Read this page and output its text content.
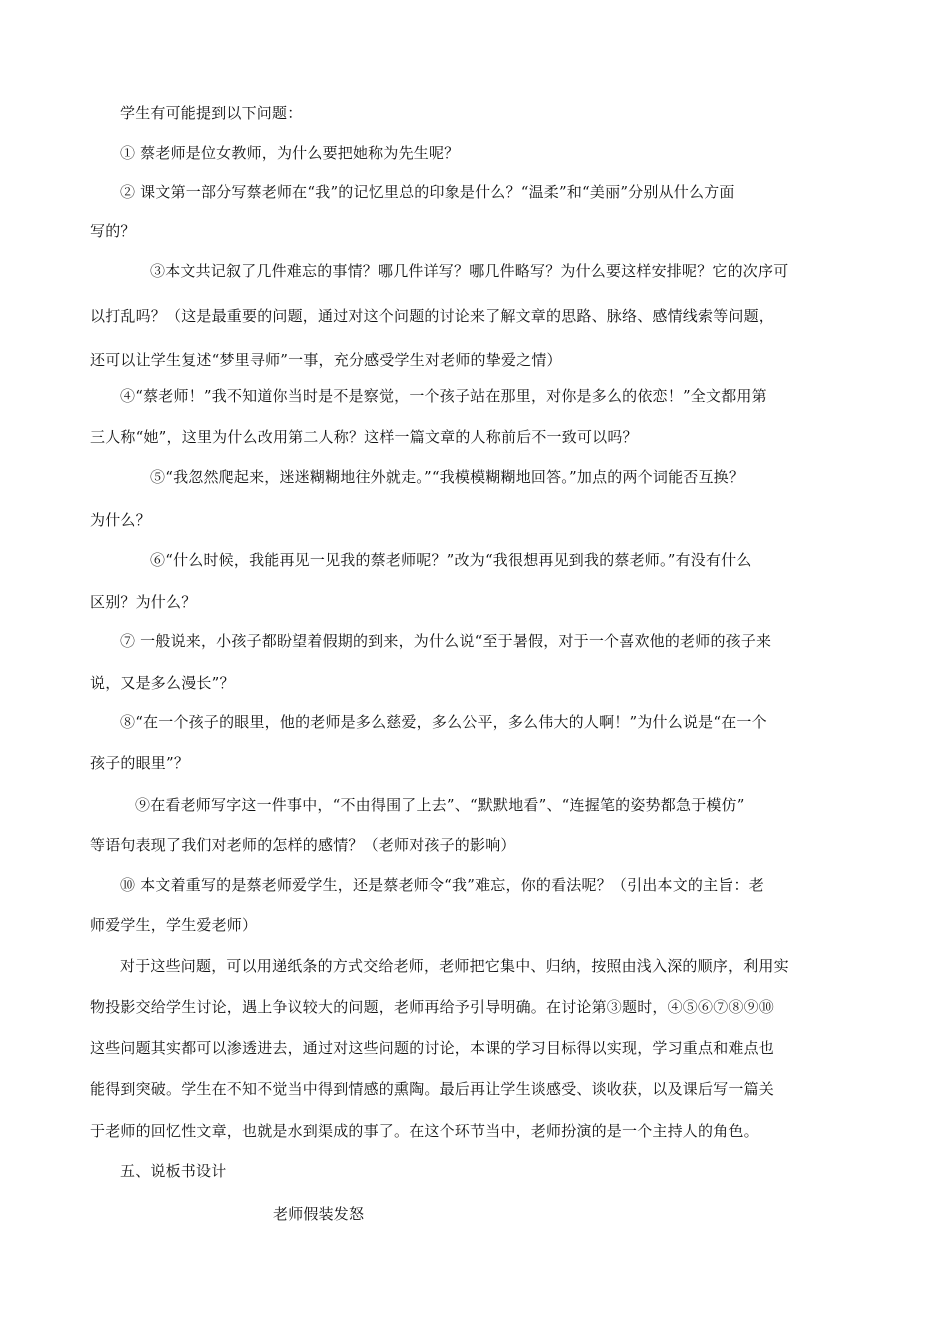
学生有可能提到以下问题：
① 蔡老师是位女教师，为什么要把她称为先生呢？
② 课文第一部分写蔡老师在“我”的记忆里总的印象是什么？“温柔”和“美丽”分别从什么方面
写的？
③本文共记叙了几件难忘的事情？哪几件详写？哪几件略写？为什么要这样安排呢？它的次序可
以打乱吗？（这是最重要的问题，通过对这个问题的讨论来了解文章的思路、脉络、感情线索等问题，
还可以让学生复述“梦里寻师”一事，充分感受学生对老师的挚爱之情）
④“蔡老师！”我不知道你当时是不是察觉，一个孩子站在那里，对你是多么的依恋！”全文都用第
三人称“她”，这里为什么改用第二人称？这样一篇文章的人称前后不一致可以吗？
⑤“我忽然爬起来，迷迷糊糊地往外就走。”“我模模糊糊地回答。”加点的两个词能否互换？
为什么？
⑥“什么时候，我能再见一见我的蔡老师呢？”改为“我很想再见到我的蔡老师。”有没有什么
区别？为什么？
⑦ 一般说来，小孩子都盼望着假期的到来，为什么说“至于暑假，对于一个喜欢他的老师的孩子来
说，又是多么漫长”？
⑧“在一个孩子的眼里，他的老师是多么慈爱，多么公平，多么伟大的人啊！”为什么说是“在一个
孩子的眼里”？
⑨在看老师写字这一件事中，“不由得围了上去”、“默默地看”、“连握笔的姿势都急于模仿”
等语句表现了我们对老师的怎样的感情？（老师对孩子的影响）
⑩ 本文着重写的是蔡老师爱学生，还是蔡老师令“我”难忘，你的看法呢？（引出本文的主旨：老
师爱学生，学生爱老师）
对于这些问题，可以用递纸条的方式交给老师，老师把它集中、归纳，按照由浅入深的顺序，利用实
物投影交给学生讨论，遇上争议较大的问题，老师再给予引导明确。在讨论第③题时，④⑤⑥⑦⑧⑨⑩
这些问题其实都可以渗透进去，通过对这些问题的讨论，本课的学习目标得以实现，学习重点和难点也
能得到突破。学生在不知不觉当中得到情感的熏陶。最后再让学生谈感受、谈收获，以及课后写一篇关
于老师的回忆性文章，也就是水到渠成的事了。在这个环节当中，老师扮演的是一个主持人的角色。
五、说板书设计
老师假装发怒
